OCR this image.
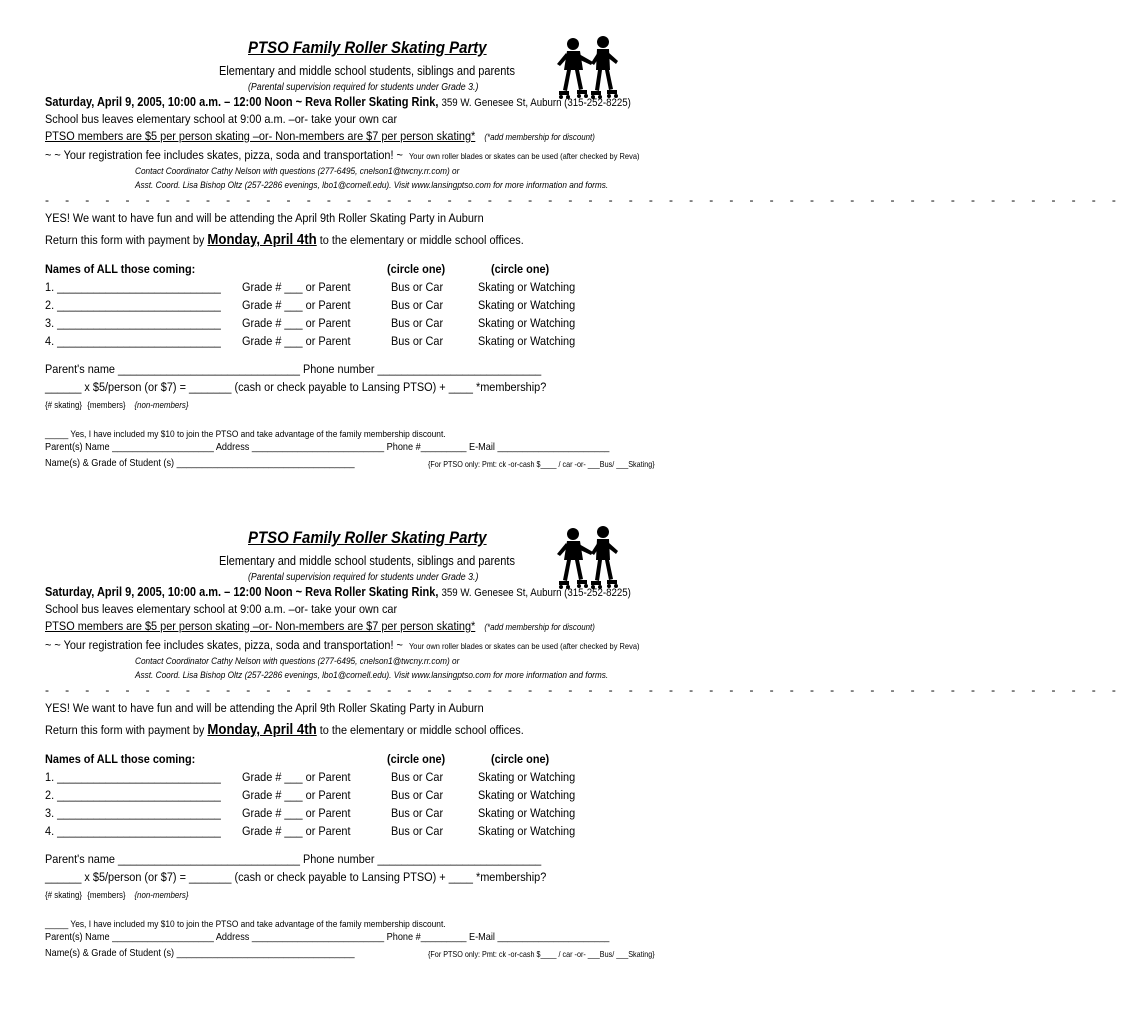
PTSO Family Roller Skating Party
Elementary and middle school students, siblings and parents
(Parental supervision required for students under Grade 3.)
Saturday, April 9, 2005, 10:00 a.m. – 12:00 Noon ~ Reva Roller Skating Rink, 359 W. Genesee St, Auburn (315-252-8225)
School bus leaves elementary school at 9:00 a.m. –or- take your own car
PTSO members are $5 per person skating –or- Non-members are $7 per person skating* (*add membership for discount)
~ ~ Your registration fee includes skates, pizza, soda and transportation! ~ Your own roller blades or skates can be used (after checked by Reva)
Contact Coordinator Cathy Nelson with questions (277-6495, cnelson1@twcny.rr.com) or
Asst. Coord. Lisa Bishop Oltz (257-2286 evenings, lbo1@cornell.edu). Visit www.lansingptso.com for more information and forms.
- - - - - - - - - - - - - - - - - - - - - - - - - - - - - - - - - - - - - - - - - - - - - - - - - - - - - -
YES! We want to have fun and will be attending the April 9th Roller Skating Party in Auburn
Return this form with payment by Monday, April 4th to the elementary or middle school offices.
Names of ALL those coming:	(circle one)	(circle one)
1. ___________________________ Grade # ___ or Parent	Bus or Car	Skating or Watching
2. ___________________________ Grade # ___ or Parent	Bus or Car	Skating or Watching
3. ___________________________ Grade # ___ or Parent	Bus or Car	Skating or Watching
4. ___________________________ Grade # ___ or Parent	Bus or Car	Skating or Watching
Parent's name ______________________________ Phone number ___________________________
______ x $5/person (or $7) = _______ (cash or check payable to Lansing PTSO) + ____ *membership?
{# skating} {members} {non-members}
_____ Yes, I have included my $10 to join the PTSO and take advantage of the family membership discount.
Parent(s) Name ____________________ Address __________________________ Phone #_________ E-Mail ______________________
Name(s) & Grade of Student (s) ___________________________________	{For PTSO only: Pmt: ck -or-cash $____ / car -or- ___Bus/ ___Skating}
PTSO Family Roller Skating Party
Elementary and middle school students, siblings and parents
(Parental supervision required for students under Grade 3.)
Saturday, April 9, 2005, 10:00 a.m. – 12:00 Noon ~ Reva Roller Skating Rink, 359 W. Genesee St, Auburn (315-252-8225)
School bus leaves elementary school at 9:00 a.m. –or- take your own car
PTSO members are $5 per person skating –or- Non-members are $7 per person skating* (*add membership for discount)
~ ~ Your registration fee includes skates, pizza, soda and transportation! ~ Your own roller blades or skates can be used (after checked by Reva)
Contact Coordinator Cathy Nelson with questions (277-6495, cnelson1@twcny.rr.com) or
Asst. Coord. Lisa Bishop Oltz (257-2286 evenings, lbo1@cornell.edu). Visit www.lansingptso.com for more information and forms.
- - - - - - - - - - - - - - - - - - - - - - - - - - - - - - - - - - - - - - - - - - - - - - - - - - - - - -
YES! We want to have fun and will be attending the April 9th Roller Skating Party in Auburn
Return this form with payment by Monday, April 4th to the elementary or middle school offices.
Names of ALL those coming:	(circle one)	(circle one)
1. ___________________________ Grade # ___ or Parent	Bus or Car	Skating or Watching
2. ___________________________ Grade # ___ or Parent	Bus or Car	Skating or Watching
3. ___________________________ Grade # ___ or Parent	Bus or Car	Skating or Watching
4. ___________________________ Grade # ___ or Parent	Bus or Car	Skating or Watching
Parent's name ______________________________ Phone number ___________________________
______ x $5/person (or $7) = _______ (cash or check payable to Lansing PTSO) + ____ *membership?
{# skating} {members} {non-members}
_____ Yes, I have included my $10 to join the PTSO and take advantage of the family membership discount.
Parent(s) Name ____________________ Address __________________________ Phone #_________ E-Mail ______________________
Name(s) & Grade of Student (s) ___________________________________	{For PTSO only: Pmt: ck -or-cash $____ / car -or- ___Bus/ ___Skating}
